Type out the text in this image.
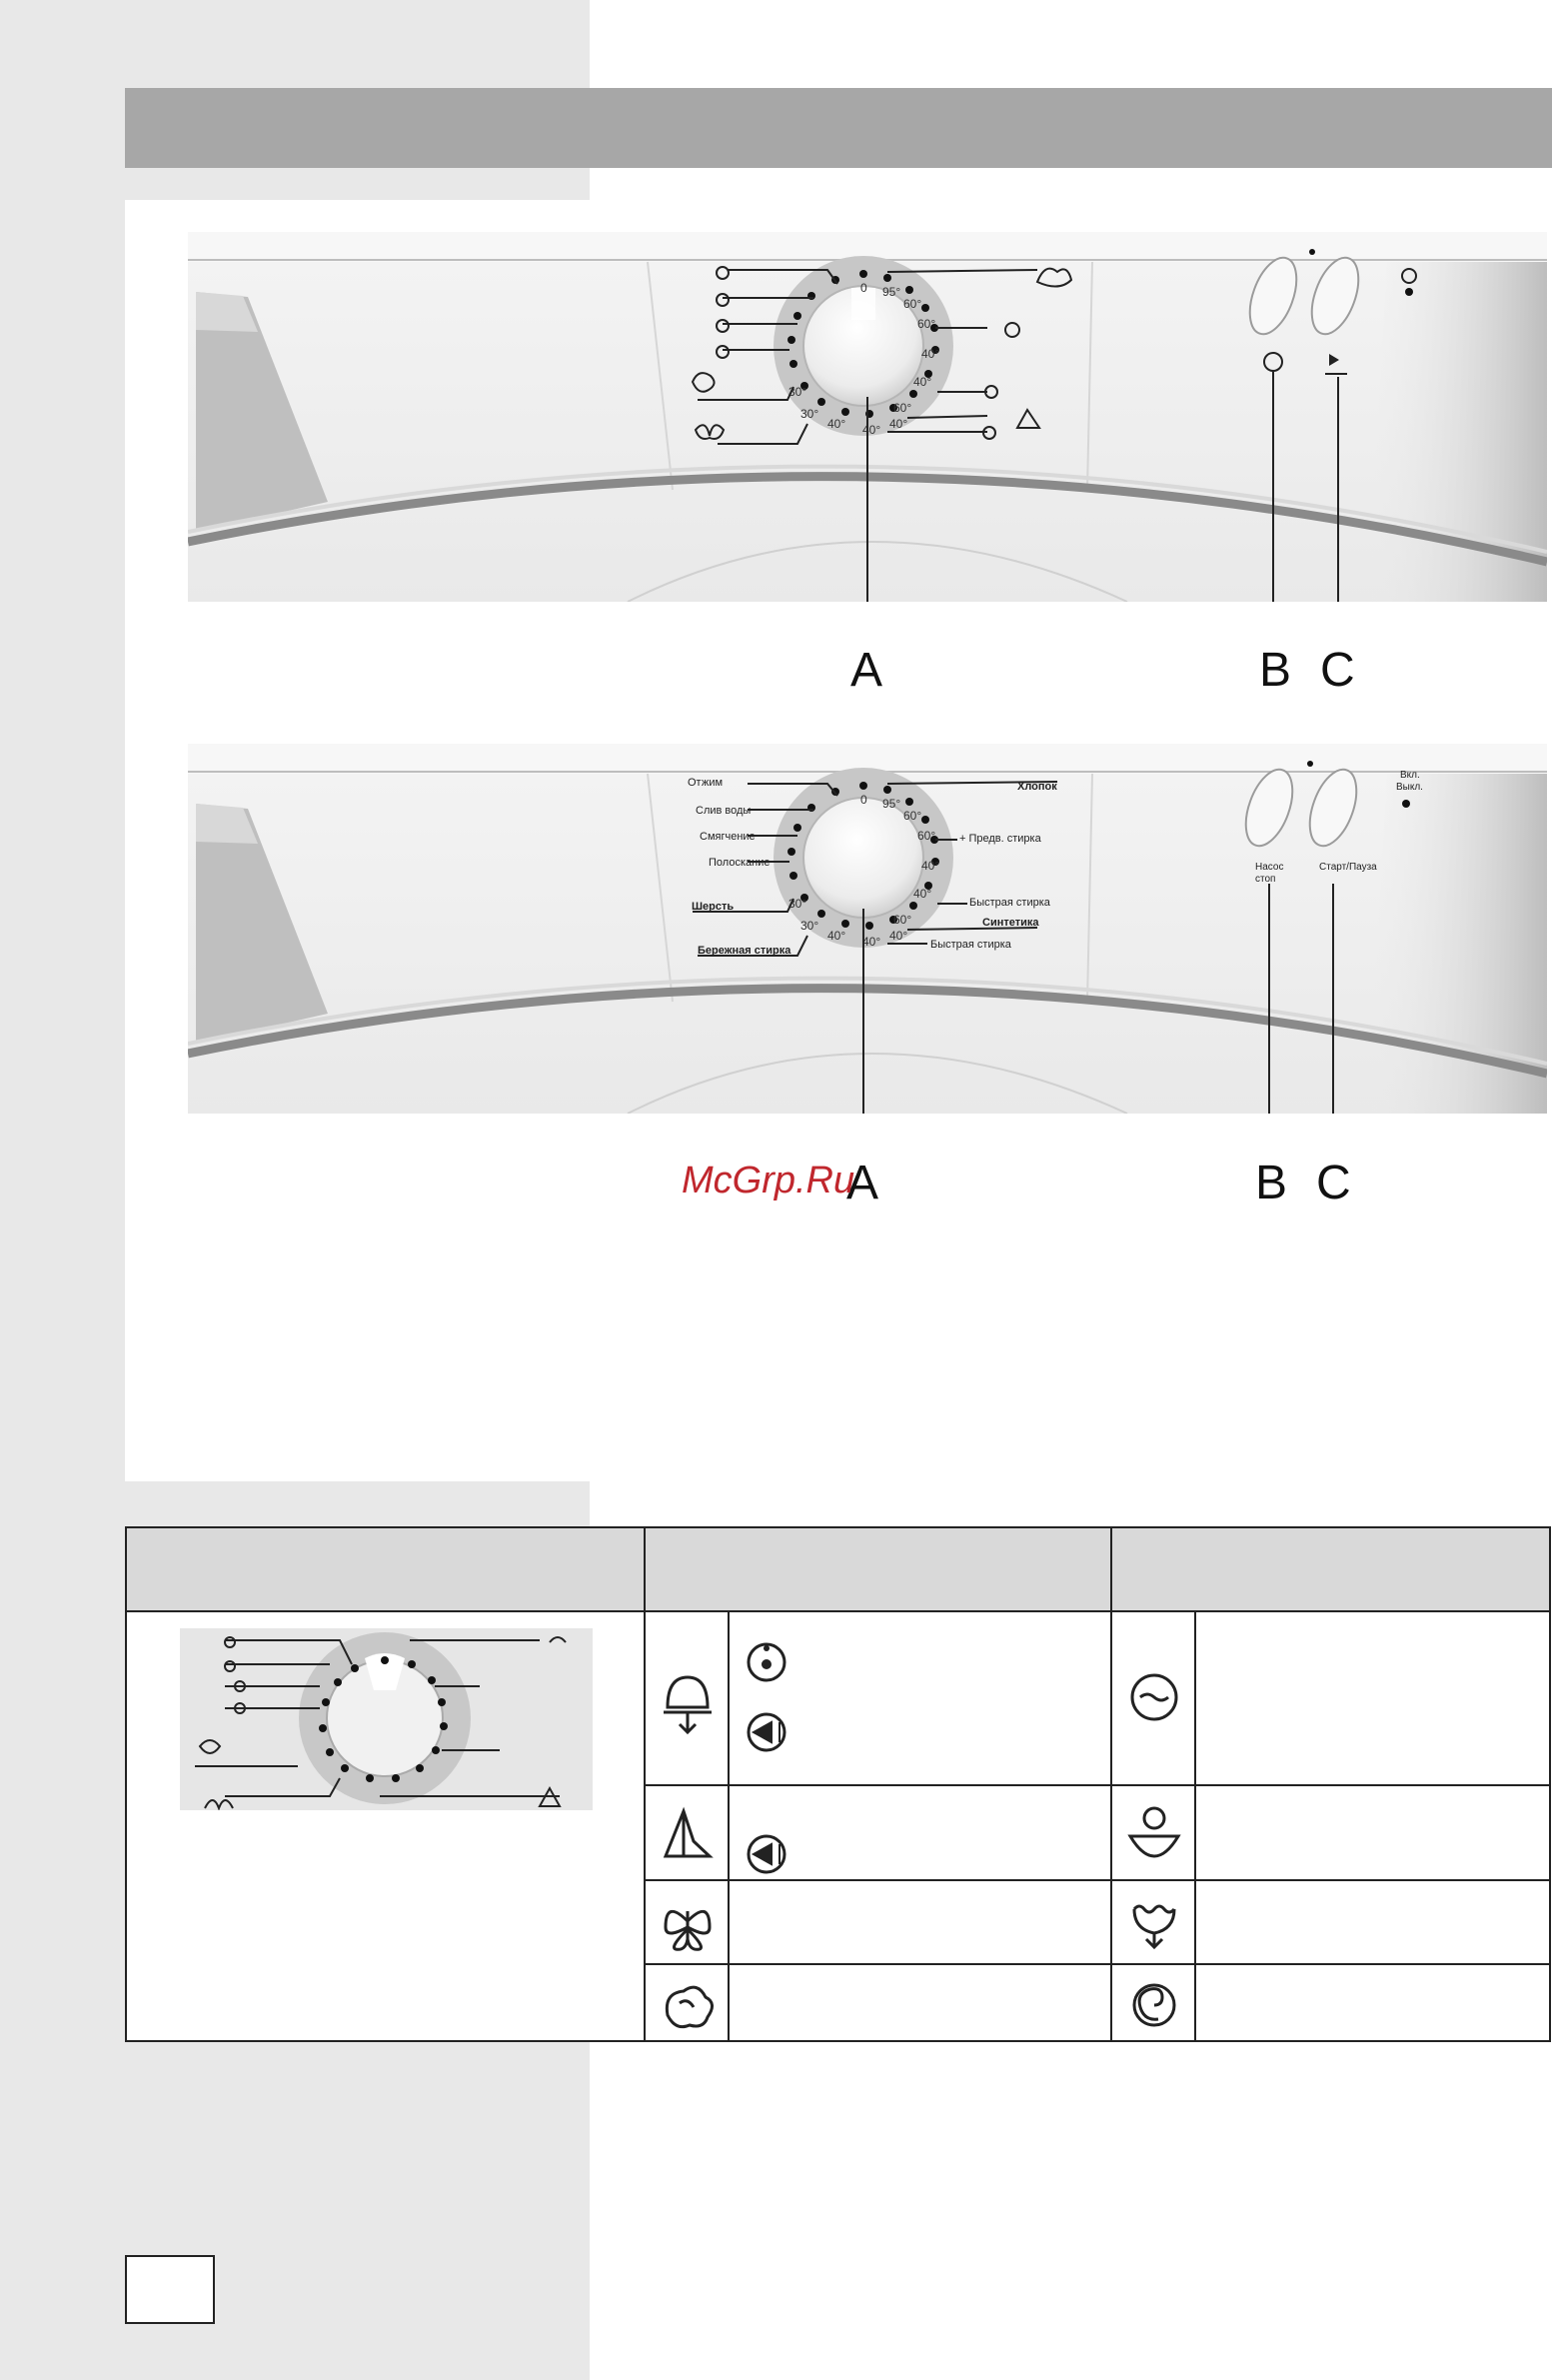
0 95°
60°
60°
40°
40°
60°
30°
30°
40° 40° 40°
A	B C
0 95°
60°
60°
40°
40°
60°
30°
30°
40° 40° 40°
Отжим
Слив воды
Смягчение
Полоскание
Шерсть
Бережная стирка
Хлопок
+ Предв. стирка
Быстрая стирка
Синтетика
Быстрая стирка
Насос
стоп
Старт/Пауза
Вкл.
Выкл.
A	B C
McGrp.Ru
